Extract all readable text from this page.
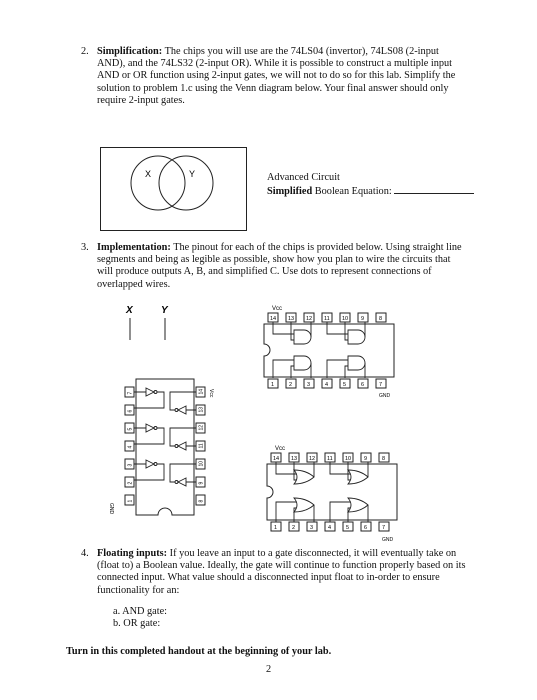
2. Simplification: The chips you will use are the 74LS04 (invertor), 74LS08 (2-input
AND), and the 74LS32 (2-input OR). While it is possible to construct a multiple input
AND or OR function using 2-input gates, we will not to do so for this lab. Simplify the
solution to problem 1.c using the Venn diagram below. Your final answer should only
require 2-input gates.
X	Y	Advanced Circuit
Simplified Boolean Equation:
3. Implementation: The pinout for each of the chips is provided below. Using straight line
segments and being as legible as possible, show how you plan to wire the circuits that
will produce outputs A, B, and simplified C. Use dots to represent connections of
overlapped wires.
X	Y	Vcc
14 13 12 11 10 9	8
1	2	3	4	5	6	7
GND
7
6
5
4
3
2
1
14
13
12
11
10
9
8
Vcc
GND
Vcc
14 13 12 11 10 9	8
1	2	3	4	5	6	7
GND
4. Floating inputs: If you leave an input to a gate disconnected, it will eventually take on
(float to) a Boolean value. Ideally, the gate will continue to function properly based on its
connected input. What value should a disconnected input float to in-order to ensure
functionality for an:
a. AND gate:
b. OR gate:
Turn in this completed handout at the beginning of your lab.
2
